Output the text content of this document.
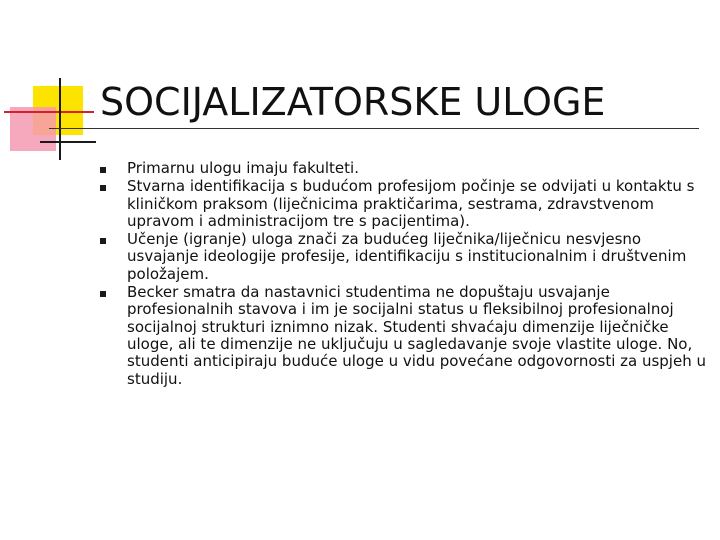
SOCIJALIZATORSKE ULOGE
Primarnu ulogu imaju fakulteti.
Stvarna identifikacija s budućom profesijom počinje se odvijati u kontaktu s kliničkom praksom (liječnicima praktičarima, sestrama, zdravstvenom upravom i administracijom tre s pacijentima).
Učenje (igranje) uloga znači za budućeg liječnika/liječnicu nesvjesno usvajanje ideologije profesije, identifikaciju s institucionalnim i društvenim položajem.
Becker smatra da nastavnici studentima ne dopuštaju usvajanje profesionalnih stavova i im je socijalni status u fleksibilnoj profesionalnoj socijalnoj strukturi iznimno nizak. Studenti shvaćaju dimenzije liječničke uloge, ali te dimenzije ne uključuju u sagledavanje svoje vlastite uloge. No, studenti anticipiraju buduće uloge u vidu povećane odgovornosti za uspjeh u studiju.
